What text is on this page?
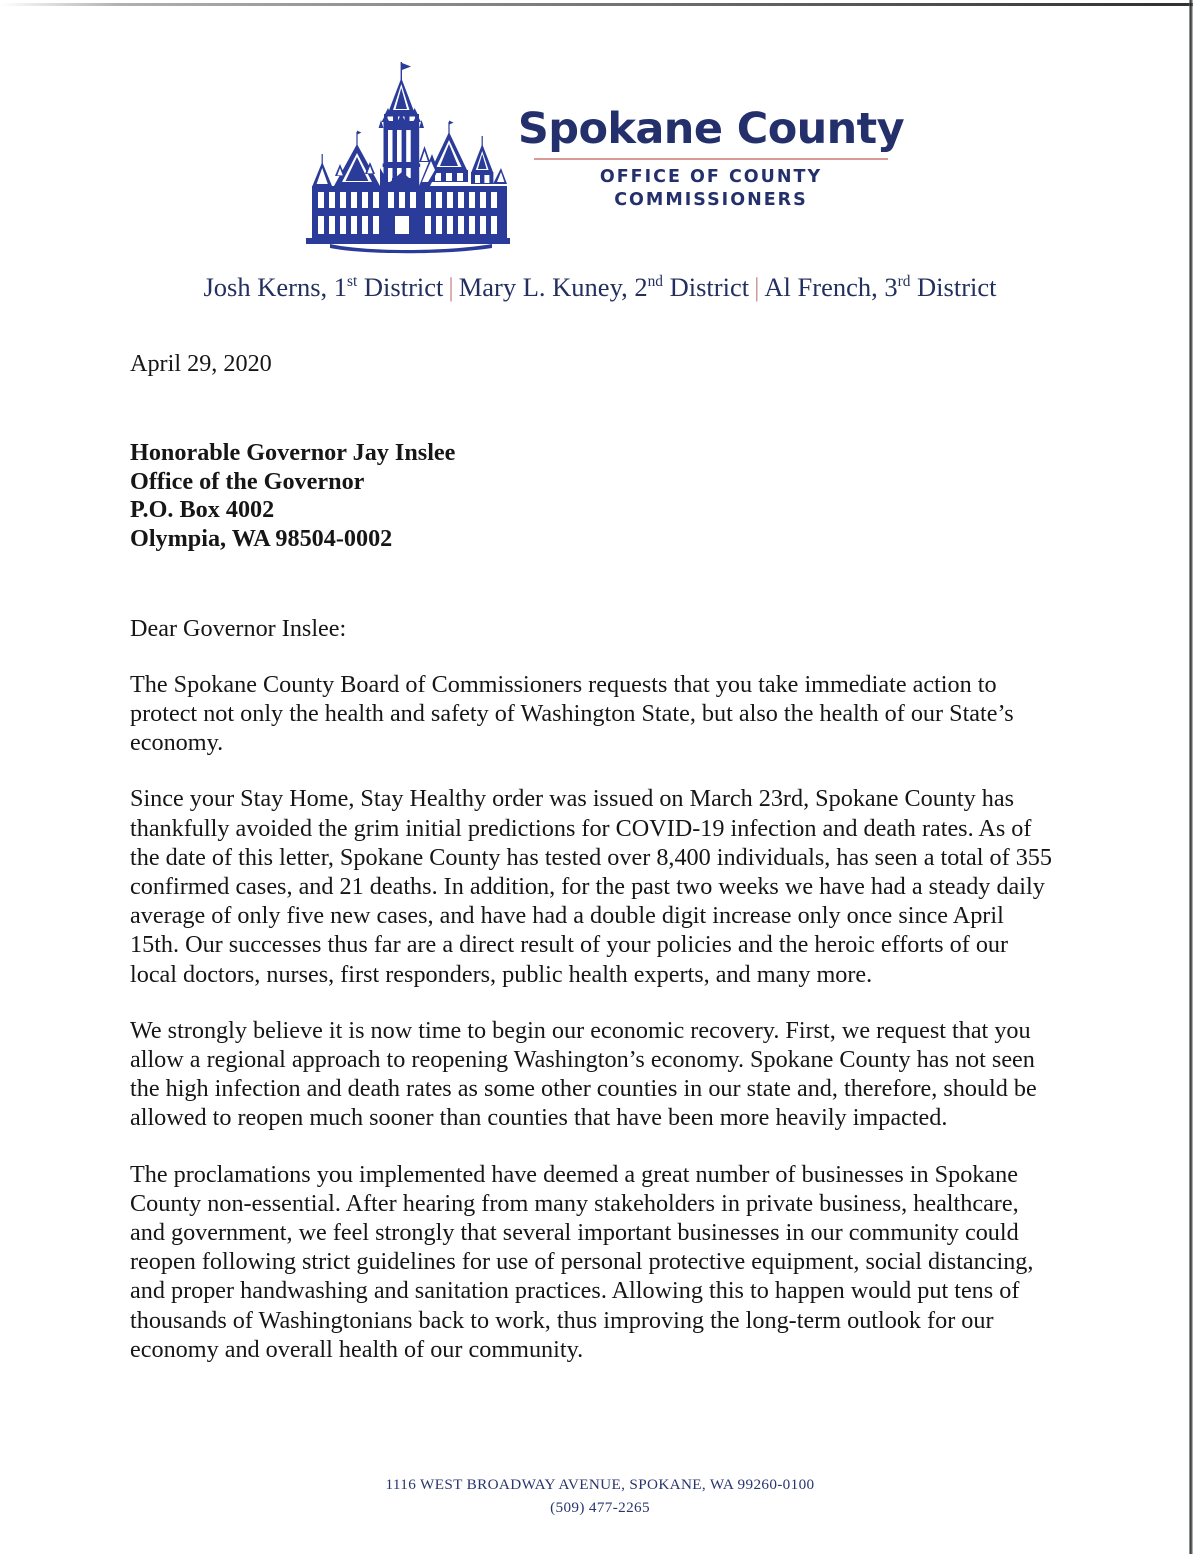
Spokane County
OFFICE OF COUNTY
COMMISSIONERS
Josh Kerns, 1st District | Mary L. Kuney, 2nd District | Al French, 3rd District

April 29, 2020

Honorable Governor Jay Inslee
Office of the Governor
P.O. Box 4002
Olympia, WA 98504-0002

Dear Governor Inslee:

The Spokane County Board of Commissioners requests that you take immediate action to protect not only the health and safety of Washington State, but also the health of our State’s economy.

Since your Stay Home, Stay Healthy order was issued on March 23rd, Spokane County has thankfully avoided the grim initial predictions for COVID-19 infection and death rates. As of the date of this letter, Spokane County has tested over 8,400 individuals, has seen a total of 355 confirmed cases, and 21 deaths. In addition, for the past two weeks we have had a steady daily average of only five new cases, and have had a double digit increase only once since April 15th. Our successes thus far are a direct result of your policies and the heroic efforts of our local doctors, nurses, first responders, public health experts, and many more.

We strongly believe it is now time to begin our economic recovery. First, we request that you allow a regional approach to reopening Washington’s economy. Spokane County has not seen the high infection and death rates as some other counties in our state and, therefore, should be allowed to reopen much sooner than counties that have been more heavily impacted.

The proclamations you implemented have deemed a great number of businesses in Spokane County non-essential. After hearing from many stakeholders in private business, healthcare, and government, we feel strongly that several important businesses in our community could reopen following strict guidelines for use of personal protective equipment, social distancing, and proper handwashing and sanitation practices. Allowing this to happen would put tens of thousands of Washingtonians back to work, thus improving the long-term outlook for our economy and overall health of our community.

1116 WEST BROADWAY AVENUE, SPOKANE, WA 99260-0100
(509) 477-2265
